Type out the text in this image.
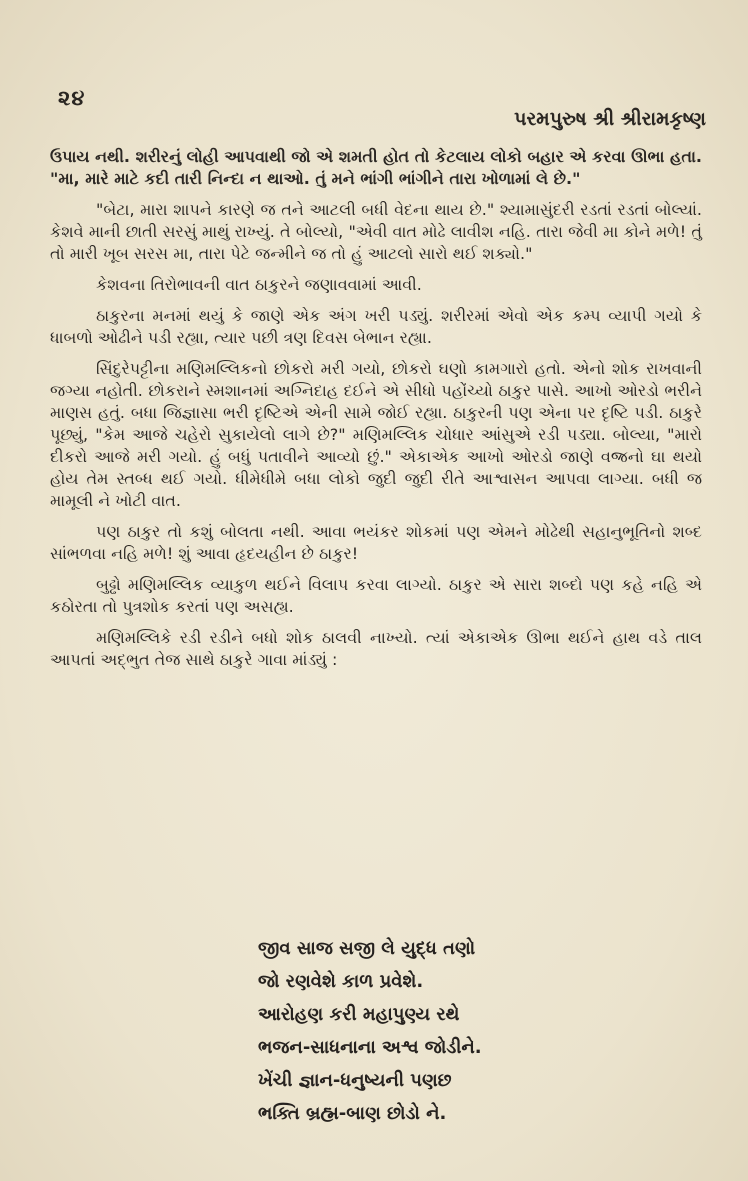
૨૪
પરમપુરુષ શ્રી શ્રીરામકૃષ્ણ

ઉપાય નથી. શરીરનું લોહી આપવાથી જો એ શમતી હોત તો કેટલાય લોકો બહાર એ કરવા ઊભા હતા. "મા, મારે માટે કદી તારી નિન્દા ન થાઓ. તું મને ભાંગી ભાંગીને તારા ખોળામાં લે છે."

"બેટા, મારા શાપને કારણે જ તને આટલી બધી વેદના થાય છે." શ્યામાસુંદરી રડતાં રડતાં બોલ્યાં. કેશવે માની છાતી સરસું માથું રાખ્યું. તે બોલ્યો, "એવી વાત મોઢે લાવીશ નહિ. તારા જેવી મા કોને મળે! તું તો મારી ખૂબ સરસ મા, તારા પેટે જન્મીને જ તો હું આટલો સારો થઈ શક્યો."

કેશવના તિરોભાવની વાત ઠાકુરને જણાવવામાં આવી.

ઠાકુરના મનમાં થયું કે જાણે એક અંગ ખરી પડ્યું. શરીરમાં એવો એક કમ્પ વ્યાપી ગયો કે ધાબળો ઓઢીને પડી રહ્યા, ત્યાર પછી ત્રણ દિવસ બેભાન રહ્યા.

સિંદુરેપટ્ટીના મણિમલ્લિકનો છોકરો મરી ગયો, છોકરો ઘણો કામગારો હતો. એનો શોક રાખવાની જગ્યા નહોતી. છોકરાને સ્મશાનમાં અગ્નિદાહ દઈને એ સીધો પહોંચ્યો ઠાકુર પાસે. આખો ઓરડો ભરીને માણસ હતું. બધા જિજ્ઞાસા ભરી દૃષ્ટિએ એની સામે જોઈ રહ્યા. ઠાકુરની પણ એના પર દૃષ્ટિ પડી. ઠાકુરે પૂછ્યું, "કેમ આજે ચહેરો સુકાયેલો લાગે છે?" મણિમલ્લિક ચોધાર આંસુએ રડી પડ્યા. બોલ્યા, "મારો દીકરો આજે મરી ગયો. હું બધું પતાવીને આવ્યો છું." એકાએક આખો ઓરડો જાણે વજ્રનો ઘા થયો હોય તેમ સ્તબ્ધ થઈ ગયો. ધીમેધીમે બધા લોકો જુદી જુદી રીતે આશ્વાસન આપવા લાગ્યા. બધી જ મામૂલી ને ખોટી વાત.

પણ ઠાકુર તો કશું બોલતા નથી. આવા ભયંકર શોકમાં પણ એમને મોઢેથી સહાનુભૂતિનો શબ્દ સાંભળવા નહિ મળે! શું આવા હૃદયહીન છે ઠાકુર!

બુઢ્ઢો મણિમલ્લિક વ્યાકુળ થઈને વિલાપ કરવા લાગ્યો. ઠાકુર એ સારા શબ્દો પણ કહે નહિ એ કઠોરતા તો પુત્રશોક કરતાં પણ અસહ્ય.

મણિમલ્લિકે રડી રડીને બધો શોક ઠાલવી નાખ્યો. ત્યાં એકાએક ઊભા થઈને હાથ વડે તાલ આપતાં અદ્ભુત તેજ સાથે ઠાકુરે ગાવા માંડ્યું :

જીવ સાજ સજી લે યુદ્ધ તણો
જો રણવેશે કાળ પ્રવેશે.
આરોહણ કરી મહાપુણ્ય રથે
ભજન-સાધનાના અશ્વ જોડીને.
ખેંચી જ્ઞાન-ધનુષ્યની પણછ
ભક્તિ બ્રહ્મ-બાણ છોડો ને.
